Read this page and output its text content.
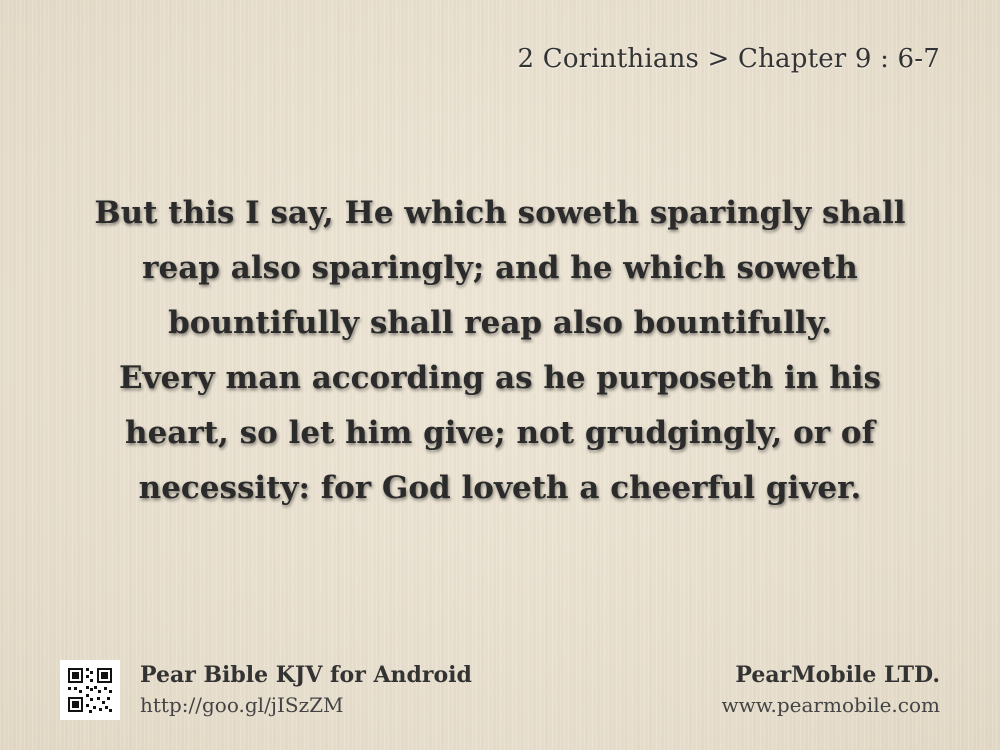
2 Corinthians > Chapter 9 : 6-7

But this I say, He which soweth sparingly shall reap also sparingly; and he which soweth bountifully shall reap also bountifully.

Every man according as he purposeth in his heart, so let him give; not grudgingly, or of necessity: for God loveth a cheerful giver.

Pear Bible KJV for Android
http://goo.gl/jISzZM
PearMobile LTD.
www.pearmobile.com
